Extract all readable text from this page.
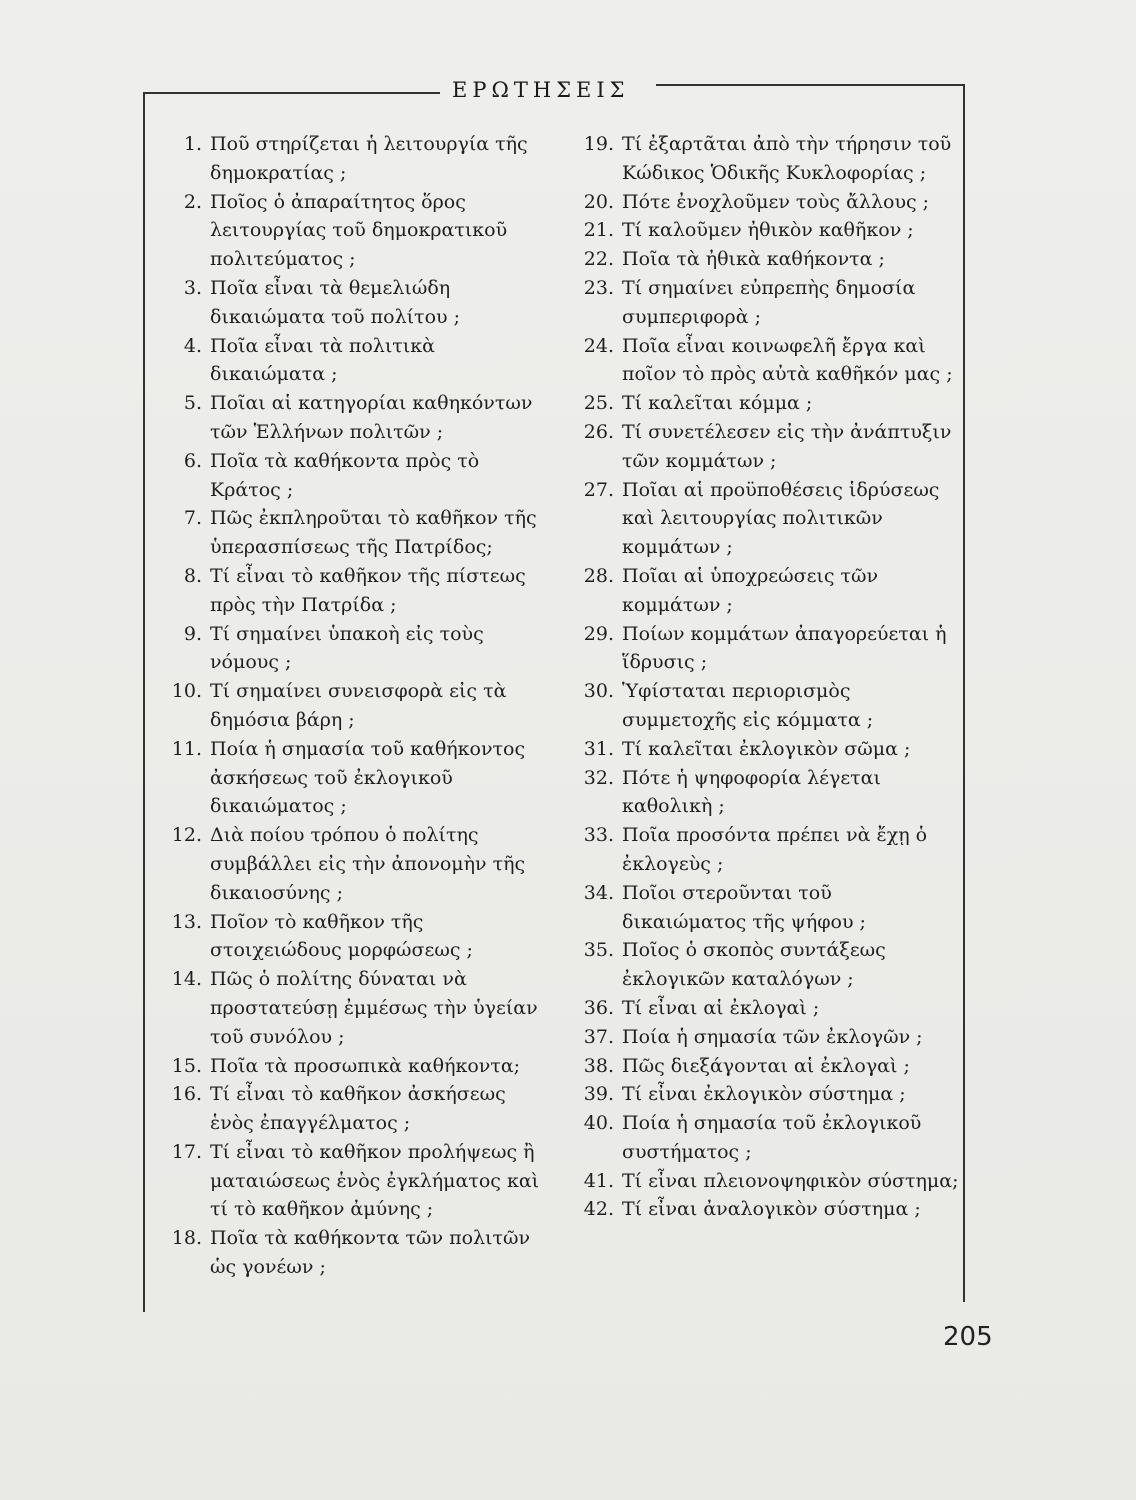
ΕΡΩΤΗΣΕΙΣ
1. Ποῦ στηρίζεται ἡ λειτουργία τῆς δημοκρατίας ;
2. Ποῖος ὁ ἀπαραίτητος ὅρος λειτουργίας τοῦ δημοκρατικοῦ πολιτεύματος ;
3. Ποῖα εἶναι τὰ θεμελιώδη δικαιώματα τοῦ πολίτου ;
4. Ποῖα εἶναι τὰ πολιτικὰ δικαιώματα ;
5. Ποῖαι αἱ κατηγορίαι καθηκόντων τῶν Ἑλλήνων πολιτῶν ;
6. Ποῖα τὰ καθήκοντα πρὸς τὸ Κράτος ;
7. Πῶς ἐκπληροῦται τὸ καθῆκον τῆς ὑπερασπίσεως τῆς Πατρίδος;
8. Τί εἶναι τὸ καθῆκον τῆς πίστεως πρὸς τὴν Πατρίδα ;
9. Τί σημαίνει ὑπακοὴ εἰς τοὺς νόμους ;
10. Τί σημαίνει συνεισφορὰ εἰς τὰ δημόσια βάρη ;
11. Ποία ἡ σημασία τοῦ καθήκοντος ἀσκήσεως τοῦ ἐκλογικοῦ δικαιώματος ;
12. Διὰ ποίου τρόπου ὁ πολίτης συμβάλλει εἰς τὴν ἀπονομὴν τῆς δικαιοσύνης ;
13. Ποῖον τὸ καθῆκον τῆς στοιχειώδους μορφώσεως ;
14. Πῶς ὁ πολίτης δύναται νὰ προστατεύσῃ ἐμμέσως τὴν ὑγείαν τοῦ συνόλου ;
15. Ποῖα τὰ προσωπικὰ καθήκοντα;
16. Τί εἶναι τὸ καθῆκον ἀσκήσεως ἑνὸς ἐπαγγέλματος ;
17. Τί εἶναι τὸ καθῆκον προλήψεως ἢ ματαιώσεως ἑνὸς ἐγκλήματος καὶ τί τὸ καθῆκον ἀμύνης ;
18. Ποῖα τὰ καθήκοντα τῶν πολιτῶν ὡς γονέων ;
19. Τί ἐξαρτᾶται ἀπὸ τὴν τήρησιν τοῦ Κώδικος Ὁδικῆς Κυκλοφορίας ;
20. Πότε ἐνοχλοῦμεν τοὺς ἄλλους ;
21. Τί καλοῦμεν ἠθικὸν καθῆκον ;
22. Ποῖα τὰ ἠθικὰ καθήκοντα ;
23. Τί σημαίνει εὐπρεπὴς δημοσία συμπεριφορὰ ;
24. Ποῖα εἶναι κοινωφελῆ ἔργα καὶ ποῖον τὸ πρὸς αὐτὰ καθῆκόν μας ;
25. Τί καλεῖται κόμμα ;
26. Τί συνετέλεσεν εἰς τὴν ἀνάπτυξιν τῶν κομμάτων ;
27. Ποῖαι αἱ προϋποθέσεις ἱδρύσεως καὶ λειτουργίας πολιτικῶν κομμάτων ;
28. Ποῖαι αἱ ὑποχρεώσεις τῶν κομμάτων ;
29. Ποίων κομμάτων ἀπαγορεύεται ἡ ἵδρυσις ;
30. Ὑφίσταται περιορισμὸς συμμετοχῆς εἰς κόμματα ;
31. Τί καλεῖται ἐκλογικὸν σῶμα ;
32. Πότε ἡ ψηφοφορία λέγεται καθολικὴ ;
33. Ποῖα προσόντα πρέπει νὰ ἔχῃ ὁ ἐκλογεὺς ;
34. Ποῖοι στεροῦνται τοῦ δικαιώματος τῆς ψήφου ;
35. Ποῖος ὁ σκοπὸς συντάξεως ἐκλογικῶν καταλόγων ;
36. Τί εἶναι αἱ ἐκλογαὶ ;
37. Ποία ἡ σημασία τῶν ἐκλογῶν ;
38. Πῶς διεξάγονται αἱ ἐκλογαὶ ;
39. Τί εἶναι ἐκλογικὸν σύστημα ;
40. Ποία ἡ σημασία τοῦ ἐκλογικοῦ συστήματος ;
41. Τί εἶναι πλειονοψηφικὸν σύστημα;
42. Τί εἶναι ἀναλογικὸν σύστημα ;
205
